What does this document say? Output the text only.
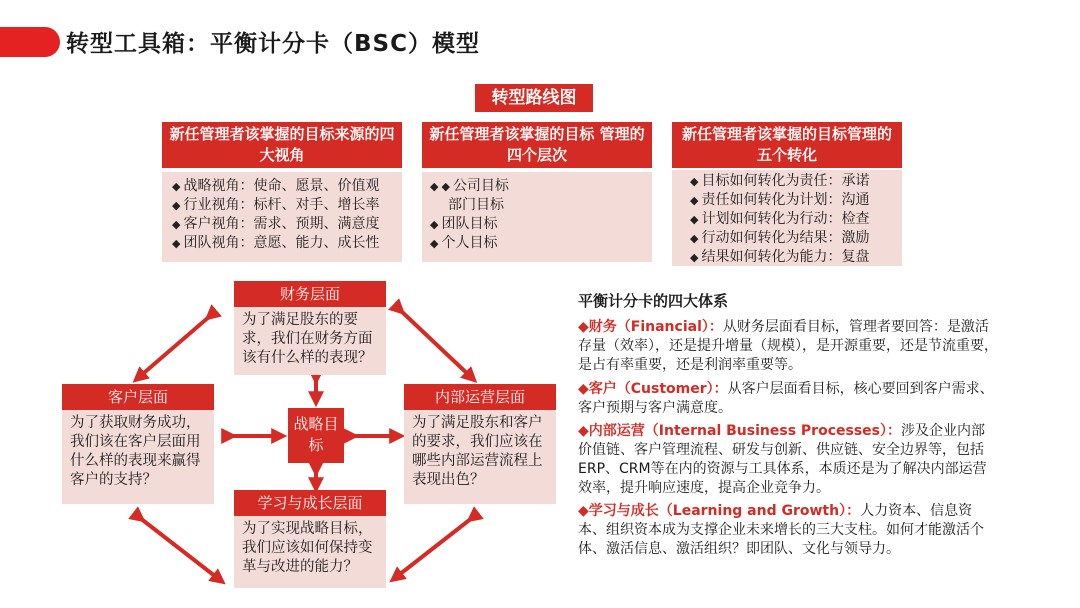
转型工具箱：平衡计分卡（BSC）模型
转型路线图
新任管理者该掌握的目标来源的四大视角
◆ 战略视角：使命、愿景、价值观
◆ 行业视角：标杆、对手、增长率
◆ 客户视角：需求、预期、满意度
◆ 团队视角：意愿、能力、成长性
新任管理者该掌握的目标 管理的四个层次
◆ ◆ 公司目标
部门目标
◆ 团队目标
◆ 个人目标
新任管理者该掌握的目标管理的五个转化
◆ 目标如何转化为责任：承诺
◆ 责任如何转化为计划：沟通
◆ 计划如何转化为行动：检查
◆ 行动如何转化为结果：激励
◆ 结果如何转化为能力：复盘
财务层面
为了满足股东的要求，我们在财务方面该有什么样的表现？
客户层面
为了获取财务成功，我们该在客户层面用什么样的表现来赢得客户的支持？
内部运营层面
为了满足股东和客户的要求，我们应该在哪些内部运营流程上表现出色？
学习与成长层面
为了实现战略目标，我们应该如何保持变革与改进的能力？
战略目标
平衡计分卡的四大体系
◆财务（Financial）：从财务层面看目标，管理者要回答：是激活存量（效率），还是提升增量（规模），是开源重要，还是节流重要，是占有率重要，还是利润率重要等。
◆客户（Customer）：从客户层面看目标，核心要回到客户需求、客户预期与客户满意度。
◆内部运营（Internal Business Processes）：涉及企业内部价值链、客户管理流程、研发与创新、供应链、安全边界等，包括ERP、CRM等在内的资源与工具体系，本质还是为了解决内部运营效率，提升响应速度，提高企业竞争力。
◆学习与成长（Learning and Growth）：人力资本、信息资本、组织资本成为支撑企业未来增长的三大支柱。如何才能激活个体、激活信息、激活组织？即团队、文化与领导力。
